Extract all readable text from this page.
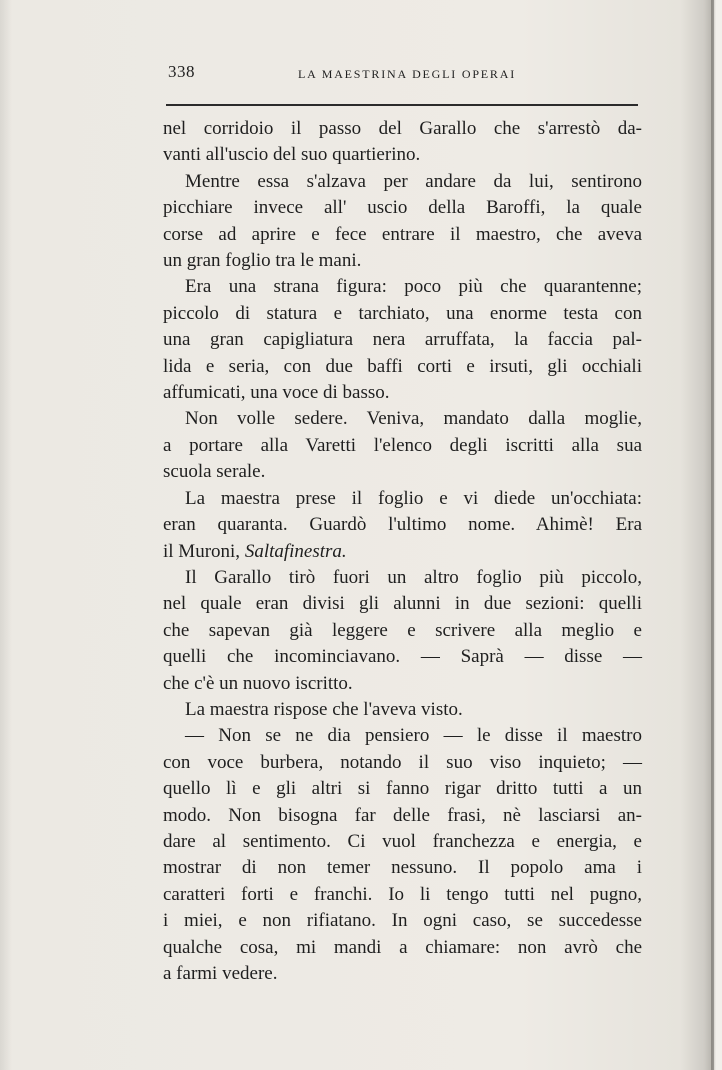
338	LA MAESTRINA DEGLI OPERAI
nel corridoio il passo del Garallo che s'arrestò da-
vanti all'uscio del suo quartierino.
Mentre essa s'alzava per andare da lui, sentirono
picchiare invece all' uscio della Baroffi, la quale
corse ad aprire e fece entrare il maestro, che aveva
un gran foglio tra le mani.
Era una strana figura: poco più che quarantenne;
piccolo di statura e tarchiato, una enorme testa con
una gran capigliatura nera arruffata, la faccia pal-
lida e seria, con due baffi corti e irsuti, gli occhiali
affumicati, una voce di basso.
Non volle sedere. Veniva, mandato dalla moglie,
a portare alla Varetti l'elenco degli iscritti alla sua
scuola serale.
La maestra prese il foglio e vi diede un'occhiata:
eran quaranta. Guardò l'ultimo nome. Ahimè! Era
il Muroni, Saltafinestra.
Il Garallo tirò fuori un altro foglio più piccolo,
nel quale eran divisi gli alunni in due sezioni: quelli
che sapevan già leggere e scrivere alla meglio e
quelli che incominciavano. — Saprà — disse —
che c'è un nuovo iscritto.
La maestra rispose che l'aveva visto.
— Non se ne dia pensiero — le disse il maestro
con voce burbera, notando il suo viso inquieto; —
quello lì e gli altri si fanno rigar dritto tutti a un
modo. Non bisogna far delle frasi, nè lasciarsi an-
dare al sentimento. Ci vuol franchezza e energia, e
mostrar di non temer nessuno. Il popolo ama i
caratteri forti e franchi. Io li tengo tutti nel pugno,
i miei, e non rifiatano. In ogni caso, se succedesse
qualche cosa, mi mandi a chiamare: non avrò che
a farmi vedere.
